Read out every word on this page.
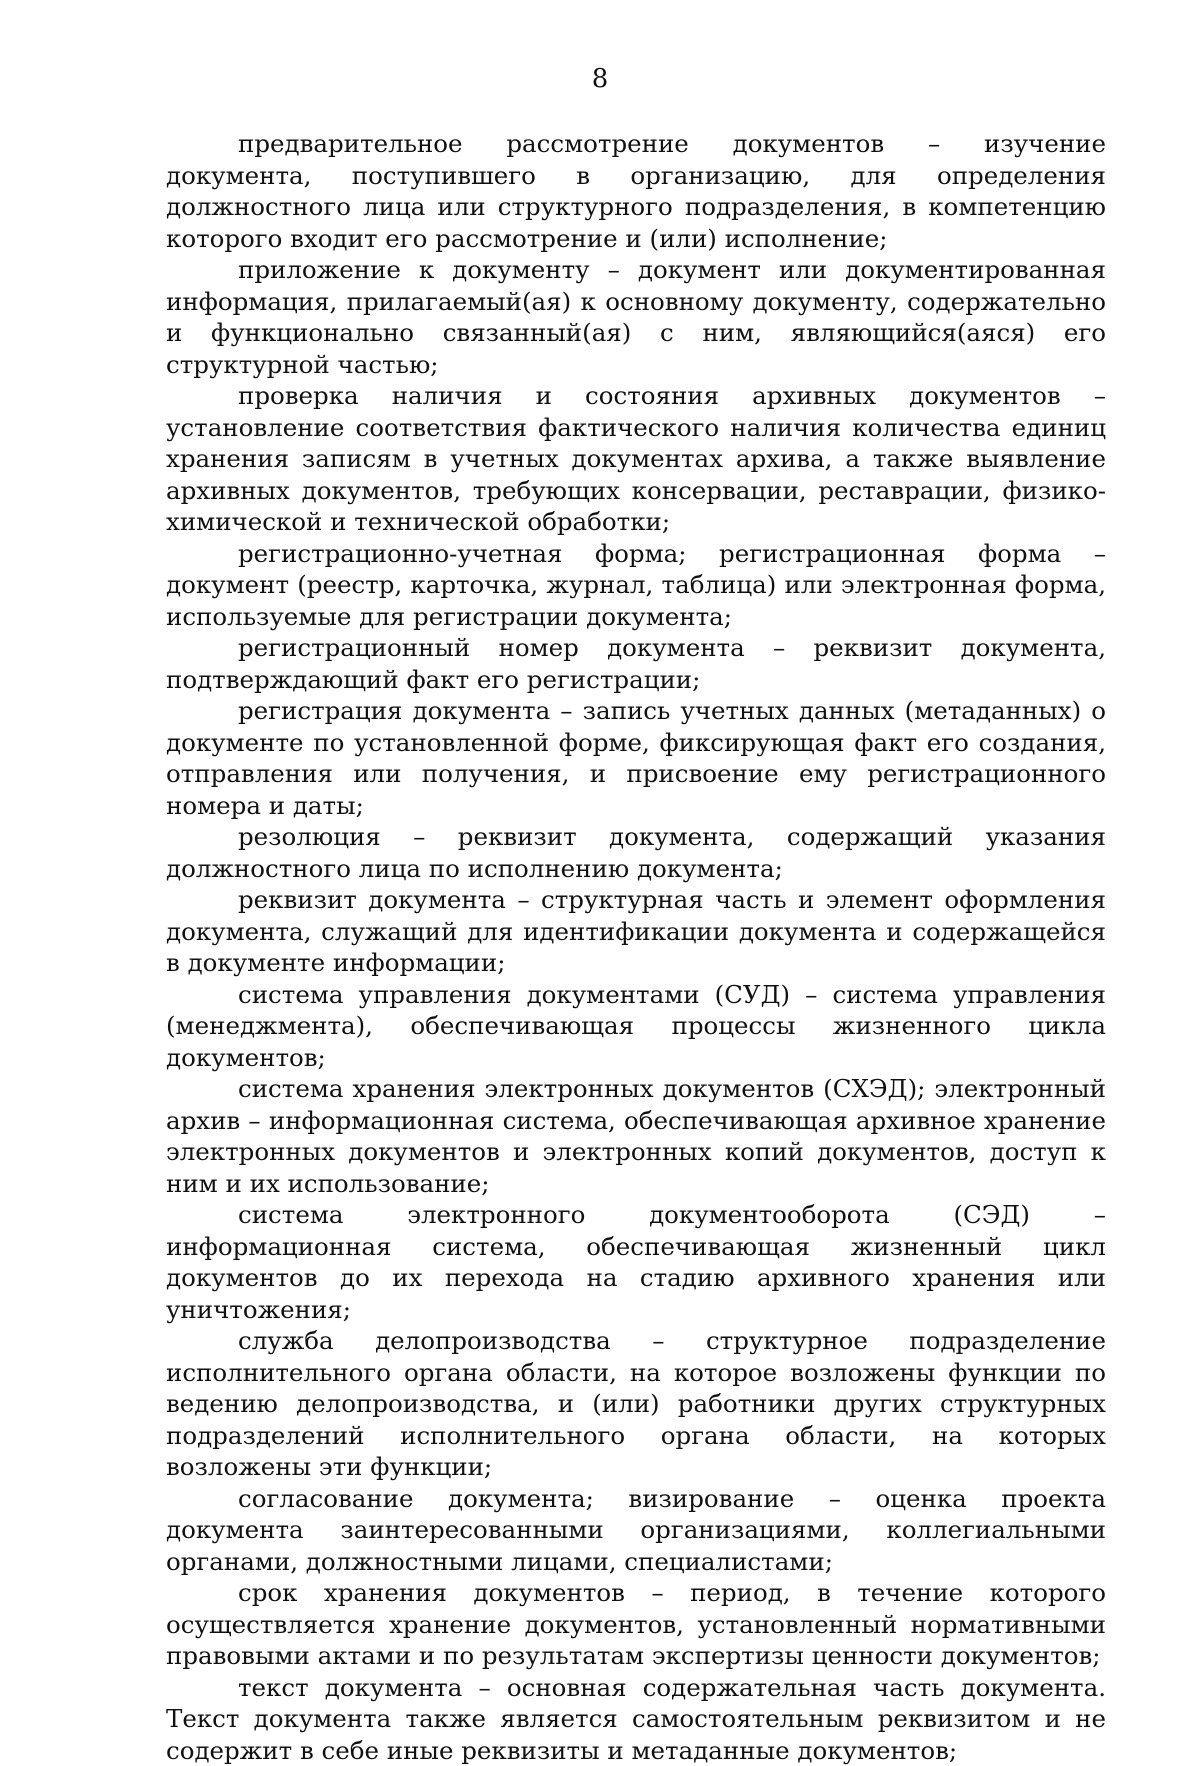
8

предварительное рассмотрение документов – изучение документа, поступившего в организацию, для определения должностного лица или структурного подразделения, в компетенцию которого входит его рассмотрение и (или) исполнение;

приложение к документу – документ или документированная информация, прилагаемый(ая) к основному документу, содержательно и функционально связанный(ая) с ним, являющийся(аяся) его структурной частью;

проверка наличия и состояния архивных документов – установление соответствия фактического наличия количества единиц хранения записям в учетных документах архива, а также выявление архивных документов, требующих консервации, реставрации, физико-химической и технической обработки;

регистрационно-учетная форма; регистрационная форма – документ (реестр, карточка, журнал, таблица) или электронная форма, используемые для регистрации документа;

регистрационный номер документа – реквизит документа, подтверждающий факт его регистрации;

регистрация документа – запись учетных данных (метаданных) о документе по установленной форме, фиксирующая факт его создания, отправления или получения, и присвоение ему регистрационного номера и даты;

резолюция – реквизит документа, содержащий указания должностного лица по исполнению документа;

реквизит документа – структурная часть и элемент оформления документа, служащий для идентификации документа и содержащейся в документе информации;

система управления документами (СУД) – система управления (менеджмента), обеспечивающая процессы жизненного цикла документов;

система хранения электронных документов (СХЭД); электронный архив – информационная система, обеспечивающая архивное хранение электронных документов и электронных копий документов, доступ к ним и их использование;

система электронного документооборота (СЭД) – информационная система, обеспечивающая жизненный цикл документов до их перехода на стадию архивного хранения или уничтожения;

служба делопроизводства – структурное подразделение исполнительного органа области, на которое возложены функции по ведению делопроизводства, и (или) работники других структурных подразделений исполнительного органа области, на которых возложены эти функции;

согласование документа; визирование – оценка проекта документа заинтересованными организациями, коллегиальными органами, должностными лицами, специалистами;

срок хранения документов – период, в течение которого осуществляется хранение документов, установленный нормативными правовыми актами и по результатам экспертизы ценности документов;

текст документа – основная содержательная часть документа. Текст документа также является самостоятельным реквизитом и не содержит в себе иные реквизиты и метаданные документов;
